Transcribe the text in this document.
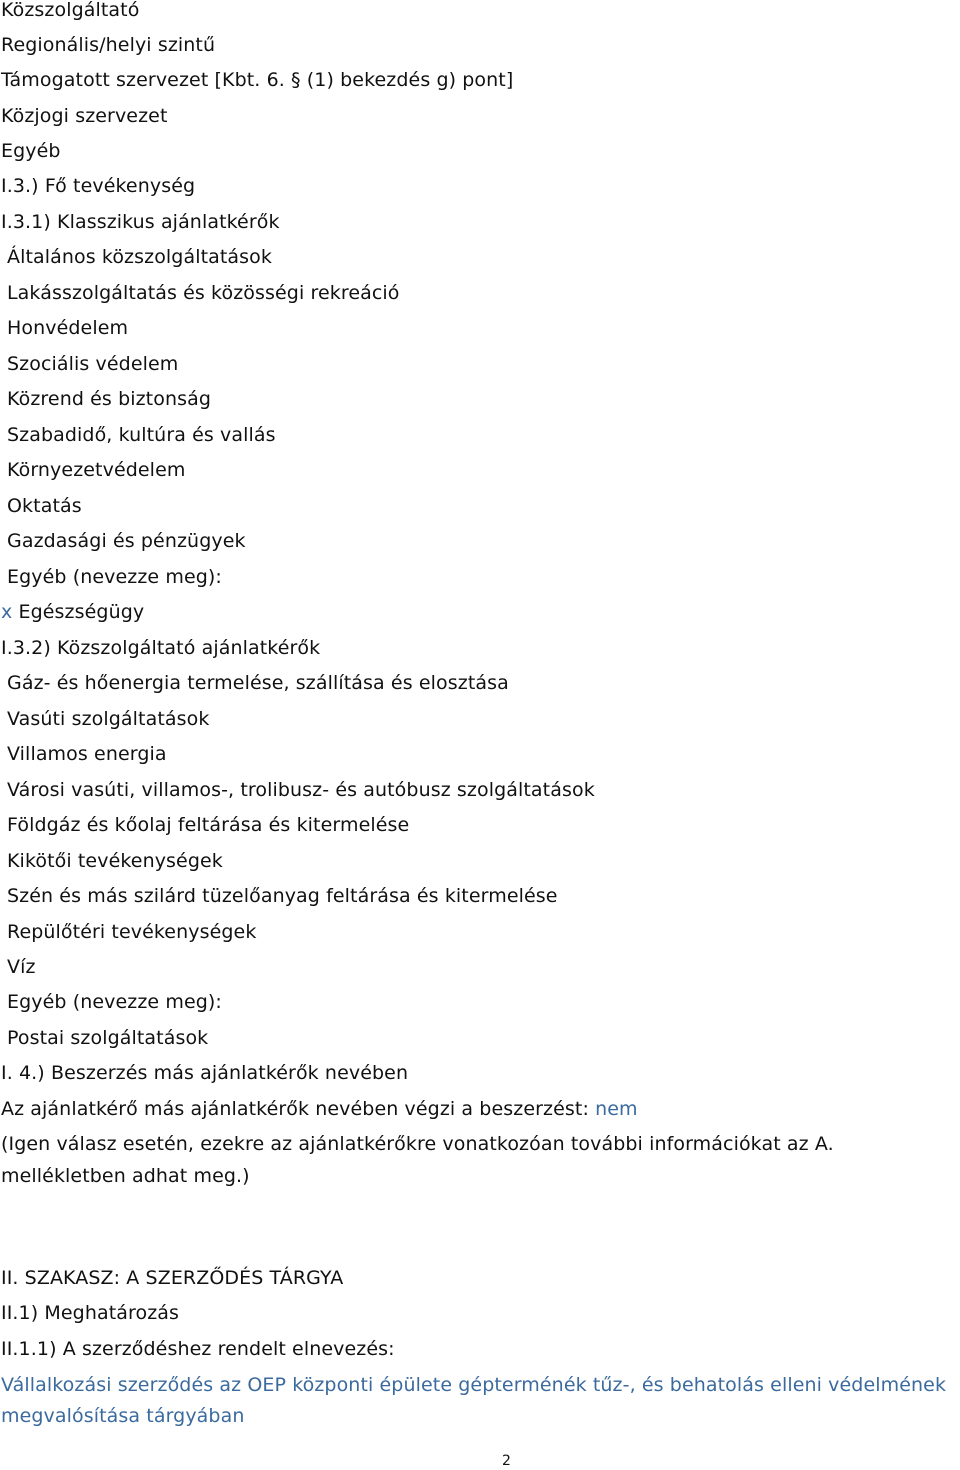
Közszolgáltató
Regionális/helyi szintű
Támogatott szervezet [Kbt. 6. § (1) bekezdés g) pont]
Közjogi szervezet
Egyéb
I.3.) Fő tevékenység
I.3.1) Klasszikus ajánlatkérők
Általános közszolgáltatások
Lakásszolgáltatás és közösségi rekreáció
Honvédelem
Szociális védelem
Közrend és biztonság
Szabadidő, kultúra és vallás
Környezetvédelem
Oktatás
Gazdasági és pénzügyek
Egyéb (nevezze meg):
x Egészségügy
I.3.2) Közszolgáltató ajánlatkérők
Gáz- és hőenergia termelése, szállítása és elosztása
Vasúti szolgáltatások
Villamos energia
Városi vasúti, villamos-, trolibusz- és autóbusz szolgáltatások
Földgáz és kőolaj feltárása és kitermelése
Kikötői tevékenységek
Szén és más szilárd tüzelőanyag feltárása és kitermelése
Repülőtéri tevékenységek
Víz
Egyéb (nevezze meg):
Postai szolgáltatások
I. 4.) Beszerzés más ajánlatkérők nevében
Az ajánlatkérő más ajánlatkérők nevében végzi a beszerzést: nem
(Igen válasz esetén, ezekre az ajánlatkérőkre vonatkozóan további információkat az A.
mellékletben adhat meg.)
II. SZAKASZ: A SZERZŐDÉS TÁRGYA
II.1) Meghatározás
II.1.1) A szerződéshez rendelt elnevezés:
Vállalkozási szerződés az OEP központi épülete gépterménék tűz-, és behatolás elleni védelmének
megvalósítása tárgyában
2
